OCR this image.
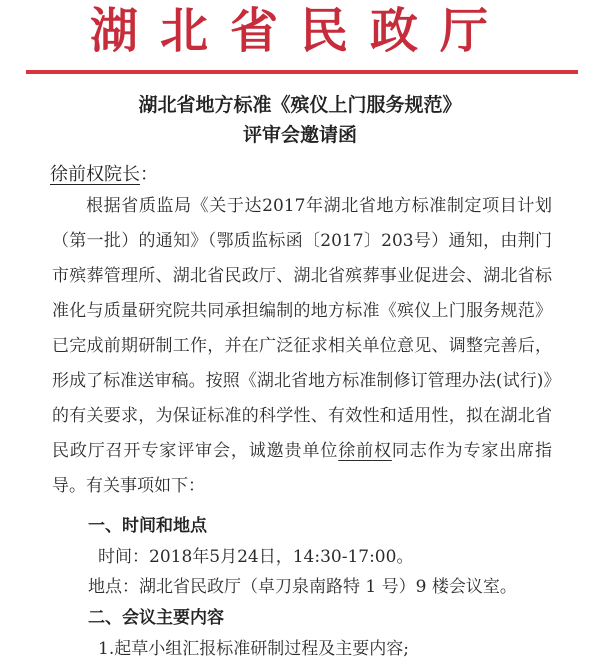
湖北省民政厅
湖北省地方标准《殡仪上门服务规范》
评审会邀请函
徐前权院长：
根据省质监局《关于达2017年湖北省地方标准制定项目计划（第一批）的通知》（鄂质监标函〔2017〕203号）通知，由荆门市殡葬管理所、湖北省民政厅、湖北省殡葬事业促进会、湖北省标准化与质量研究院共同承担编制的地方标准《殡仪上门服务规范》已完成前期研制工作，并在广泛征求相关单位意见、调整完善后，形成了标准送审稿。按照《湖北省地方标准制修订管理办法(试行)》的有关要求，为保证标准的科学性、有效性和适用性，拟在湖北省民政厅召开专家评审会，诚邀贵单位徐前权同志作为专家出席指导。有关事项如下：
一、时间和地点
时间：2018年5月24日，14:30-17:00。
地点：湖北省民政厅（卓刀泉南路特 1 号）9 楼会议室。
二、会议主要内容
1.起草小组汇报标准研制过程及主要内容;
